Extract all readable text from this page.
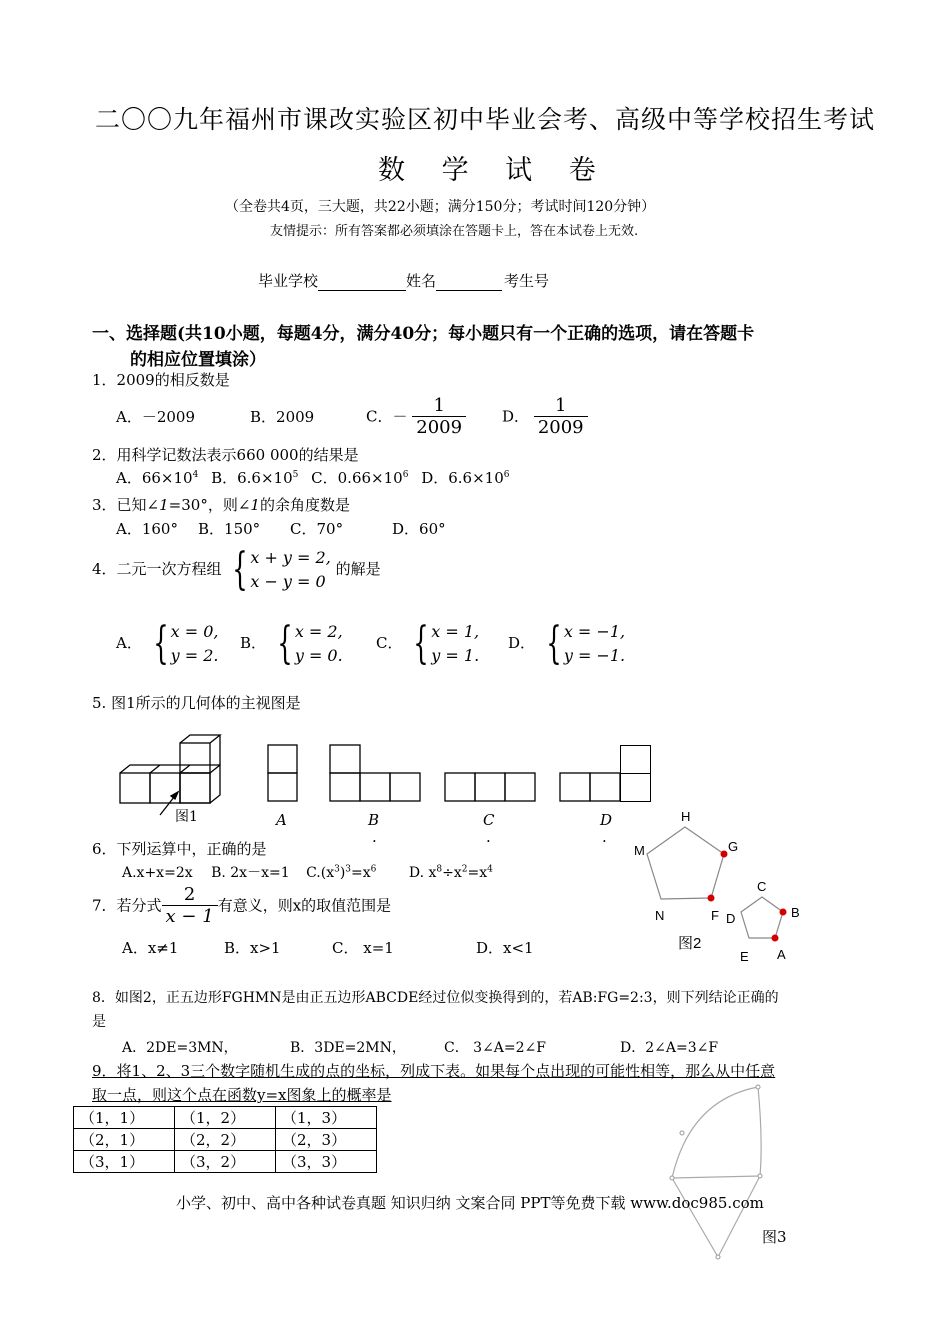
二〇〇九年福州市课改实验区初中毕业会考、高级中等学校招生考试
数 学 试 卷
（全卷共4页，三大题，共22小题；满分150分；考试时间120分钟）
友情提示：所有答案都必须填涂在答题卡上，答在本试卷上无效.
毕业学校	姓名	考生号
一、选择题(共10小题，每题4分，满分40分；每小题只有一个正确的选项，请在答题卡
的相应位置填涂）
1．2009的相反数是
A．－2009	B．2009	C．－ $\frac{1}{2009}$ D． $\frac{1}{2009}$
2．用科学记数法表示660 000的结果是
A．$66\times 10^4$ B．$6.6\times 10^5$ C．$0.66\times 10^6$ D．$6.6\times 10^6$
3．已知∠1=30°，则∠1的余角度数是
A．160° B．150° C．70°	D．60°
4．二元一次方程组 { x + y = 2,
x − y = 0
的解是
A． { x = 0,
y = 2.
B． { x = 2,
y = 0.
C． { x = 1,
y = 1.
D． { x = −1,
y = −1.
5. 图1所示的几何体的主视图是
图1	A	B	C	D
·	·	·
6．下列运算中，正确的是
A.x+x=2x B. 2x－x=1 $C.(x^3)^3=x^6$ D. $x^8\div x^2=x^4$
7．若分式 $\frac{2}{x - 1}$ 有意义，则x的取值范围是
A．x≠1	B．x>1	C． x=1	D．x<1
H
G
F
N
M
C
B
A
E
D
图2
8．如图2，正五边形FGHMN是由正五边形ABCDE经过位似变换得到的，若AB:FG=2:3，则下列结论正确的
是
A．2DE=3MN，	B．3DE=2MN，	C． 3∠A=2∠F	D．2∠A=3∠F
9．将1、2、3三个数字随机生成的点的坐标，列成下表。如果每个点出现的可能性相等，那么从中任意
取一点，则这个点在函数y=x图象上的概率是
（1，1）	（1，2）	（1，3）
（2，1）	（2，2）	（2，3）
（3，1）	（3，2）	（3，3）
小学、初中、高中各种试卷真题 知识归纳 文案合同 PPT等免费下载 www.doc985.com
图3
